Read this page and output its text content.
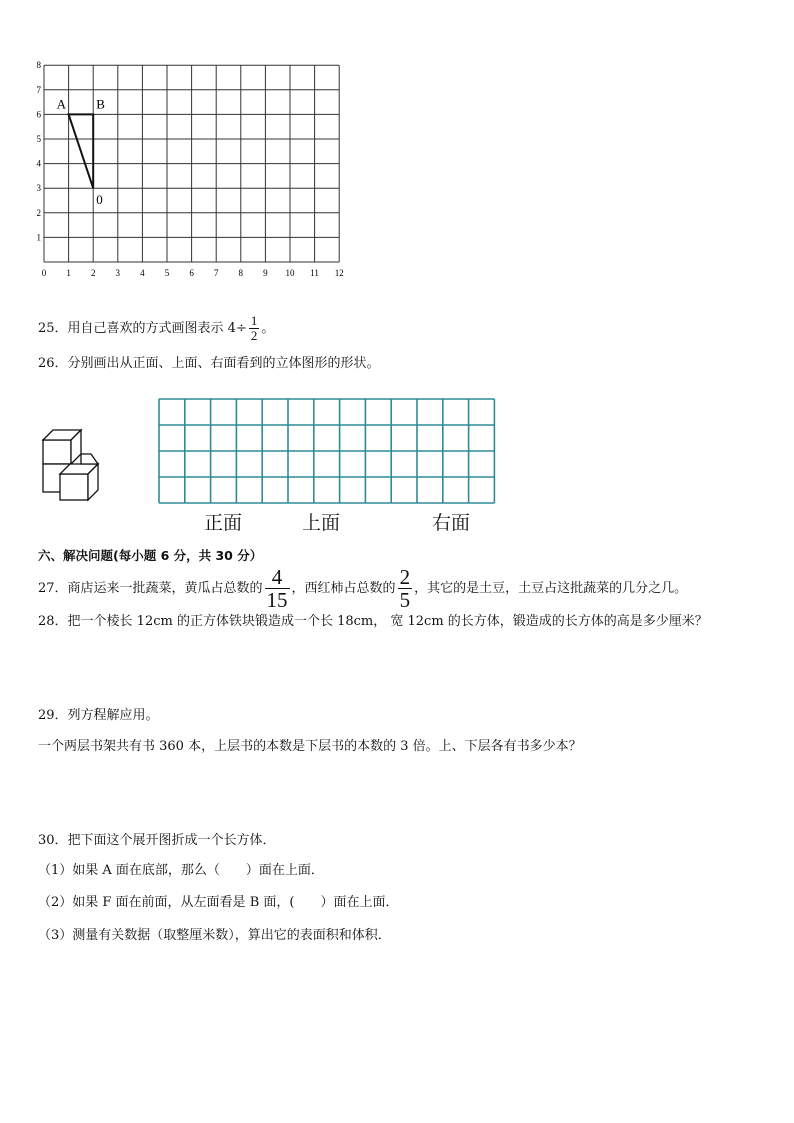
0 1 2 3 4 5 6 7 8 9 10 11 12
1
2
3
4
5
6
7
8
A B
0
25．用自己喜欢的方式画图表示 $4\div \frac{1}{2}$ 。
26．分别画出从正面、上面、右面看到的立体图形的形状。
正面	上面	右面
六、解决问题(每小题 6 分，共 30 分）
27．商店运来一批蔬菜，黄瓜占总数的 $\frac{4}{15}$ ，西红柿占总数的 $\frac{2}{5}$ ，其它的是土豆，土豆占这批蔬菜的几分之几。
28．把一个棱长 12cm 的正方体铁块锻造成一个长 18cm， 宽 12cm 的长方体，锻造成的长方体的高是多少厘米？
29．列方程解应用。
一个两层书架共有书 360 本，上层书的本数是下层书的本数的 3 倍。上、下层各有书多少本？
30．把下面这个展开图折成一个长方体．
（1）如果 A 面在底部，那么（　　）面在上面．
（2）如果 F 面在前面，从左面看是 B 面，(　　）面在上面．
（3）测量有关数据（取整厘米数），算出它的表面积和体积．
